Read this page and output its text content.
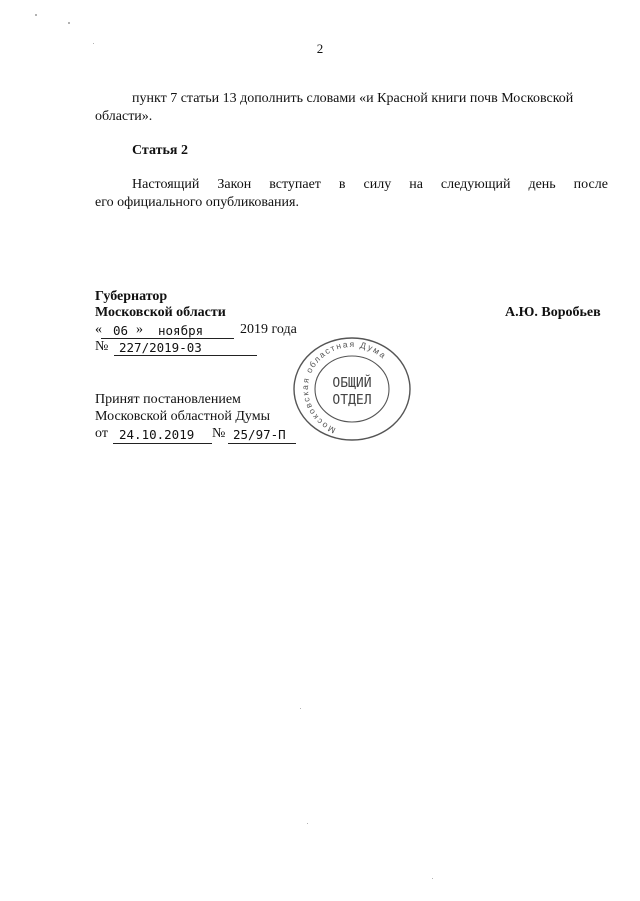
2
пункт 7 статьи 13 дополнить словами «и Красной книги почв Московской
области».
Статья 2
Настоящий Закон вступает в силу на следующий день после
его официального опубликования.
Губернатор
Московской области	А.Ю. Воробьев
« 06 » ноября	2019 года
№ 227/2019-03
Принят постановлением
Московской областной Думы
от 24.10.2019 № 25/97-П	Московская областная Дума
ОБЩИЙ
ОТДЕЛ
